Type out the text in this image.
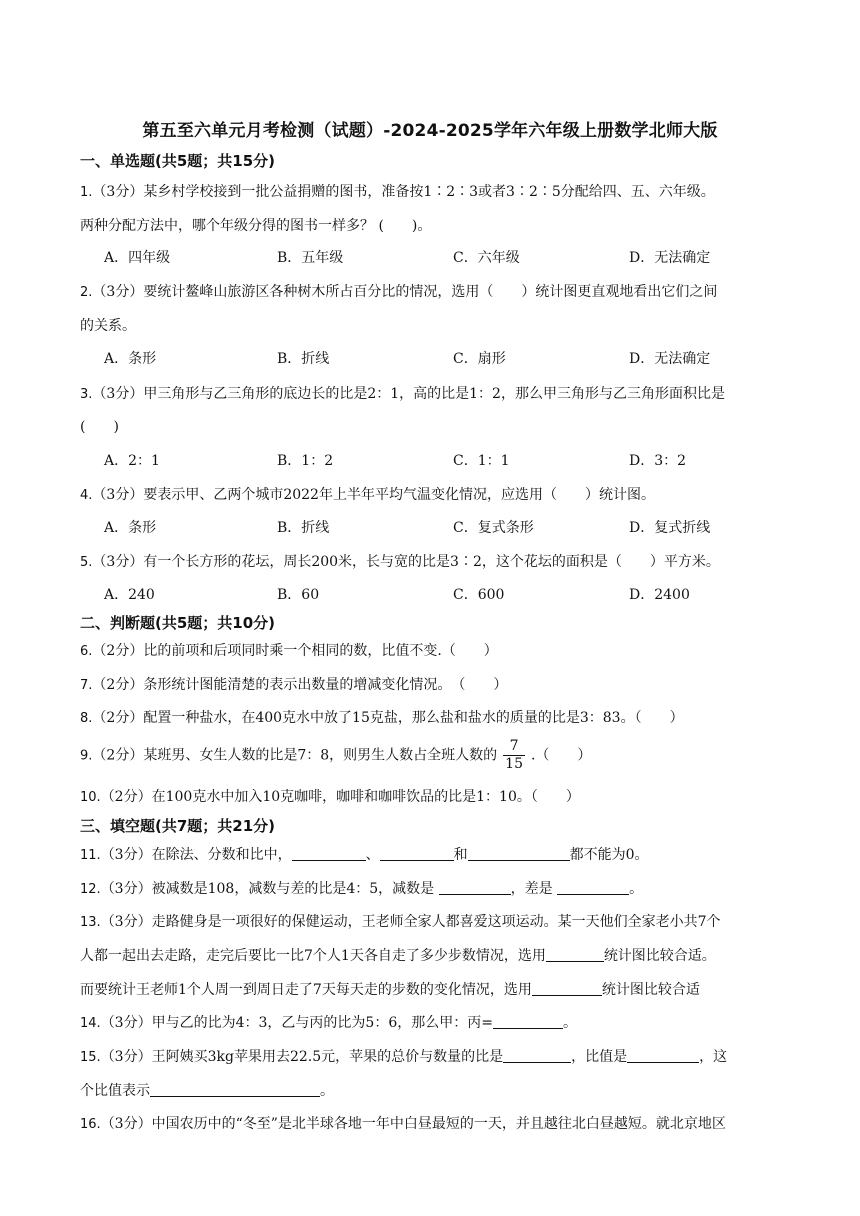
第五至六单元月考检测（试题）-2024-2025学年六年级上册数学北师大版
一、单选题(共5题；共15分)
1.（3分）某乡村学校接到一批公益捐赠的图书，准备按1∶2∶3或者3∶2∶5分配给四、五、六年级。
两种分配方法中，哪个年级分得的图书一样多？ (　　)。
A．四年级	B．五年级	C．六年级	D．无法确定
2.（3分）要统计鳌峰山旅游区各种树木所占百分比的情况，选用（　　）统计图更直观地看出它们之间
的关系。
A．条形	B．折线	C．扇形	D．无法确定
3.（3分）甲三角形与乙三角形的底边长的比是2：1，高的比是1：2，那么甲三角形与乙三角形面积比是
(　　)
A．2：1	B．1：2	C．1：1	D．3：2
4.（3分）要表示甲、乙两个城市2022年上半年平均气温变化情况，应选用（　　）统计图。
A．条形	B．折线	C．复式条形	D．复式折线
5.（3分）有一个长方形的花坛，周长200米，长与宽的比是3∶2，这个花坛的面积是（　　）平方米。
A．240	B．60	C．600	D．2400
二、判断题(共5题；共10分)
6.（2分）比的前项和后项同时乘一个相同的数，比值不变.（　　）
7.（2分）条形统计图能清楚的表示出数量的增减变化情况。　（　　）
8.（2分）配置一种盐水，在400克水中放了15克盐，那么盐和盐水的质量的比是3：83。（　　）
9.（2分）某班男、女生人数的比是7：8，则男生人数占全班人数的 $\frac{7}{15}$ .（　　）
10.（2分）在100克水中加入10克咖啡，咖啡和咖啡饮品的比是1：10。（　　）
三、填空题(共7题；共21分)
11.（3分）在除法、分数和比中，	、	和	都不能为0。
12.（3分）被减数是108，减数与差的比是4：5，减数是	，差是	。
13.（3分）走路健身是一项很好的保健运动，王老师全家人都喜爱这项运动。某一天他们全家老小共7个
人都一起出去走路，走完后要比一比7个人1天各自走了多少步数情况，选用	统计图比较合适。
而要统计王老师1个人周一到周日走了7天每天走的步数的变化情况，选用	统计图比较合适
14.（3分）甲与乙的比为4：3，乙与丙的比为5：6，那么甲：丙=	。
15.（3分）王阿姨买3kg苹果用去22.5元，苹果的总价与数量的比是	，比值是	，这
个比值表示	。
16.（3分）中国农历中的“冬至”是北半球各地一年中白昼最短的一天，并且越往北白昼越短。就北京地区
